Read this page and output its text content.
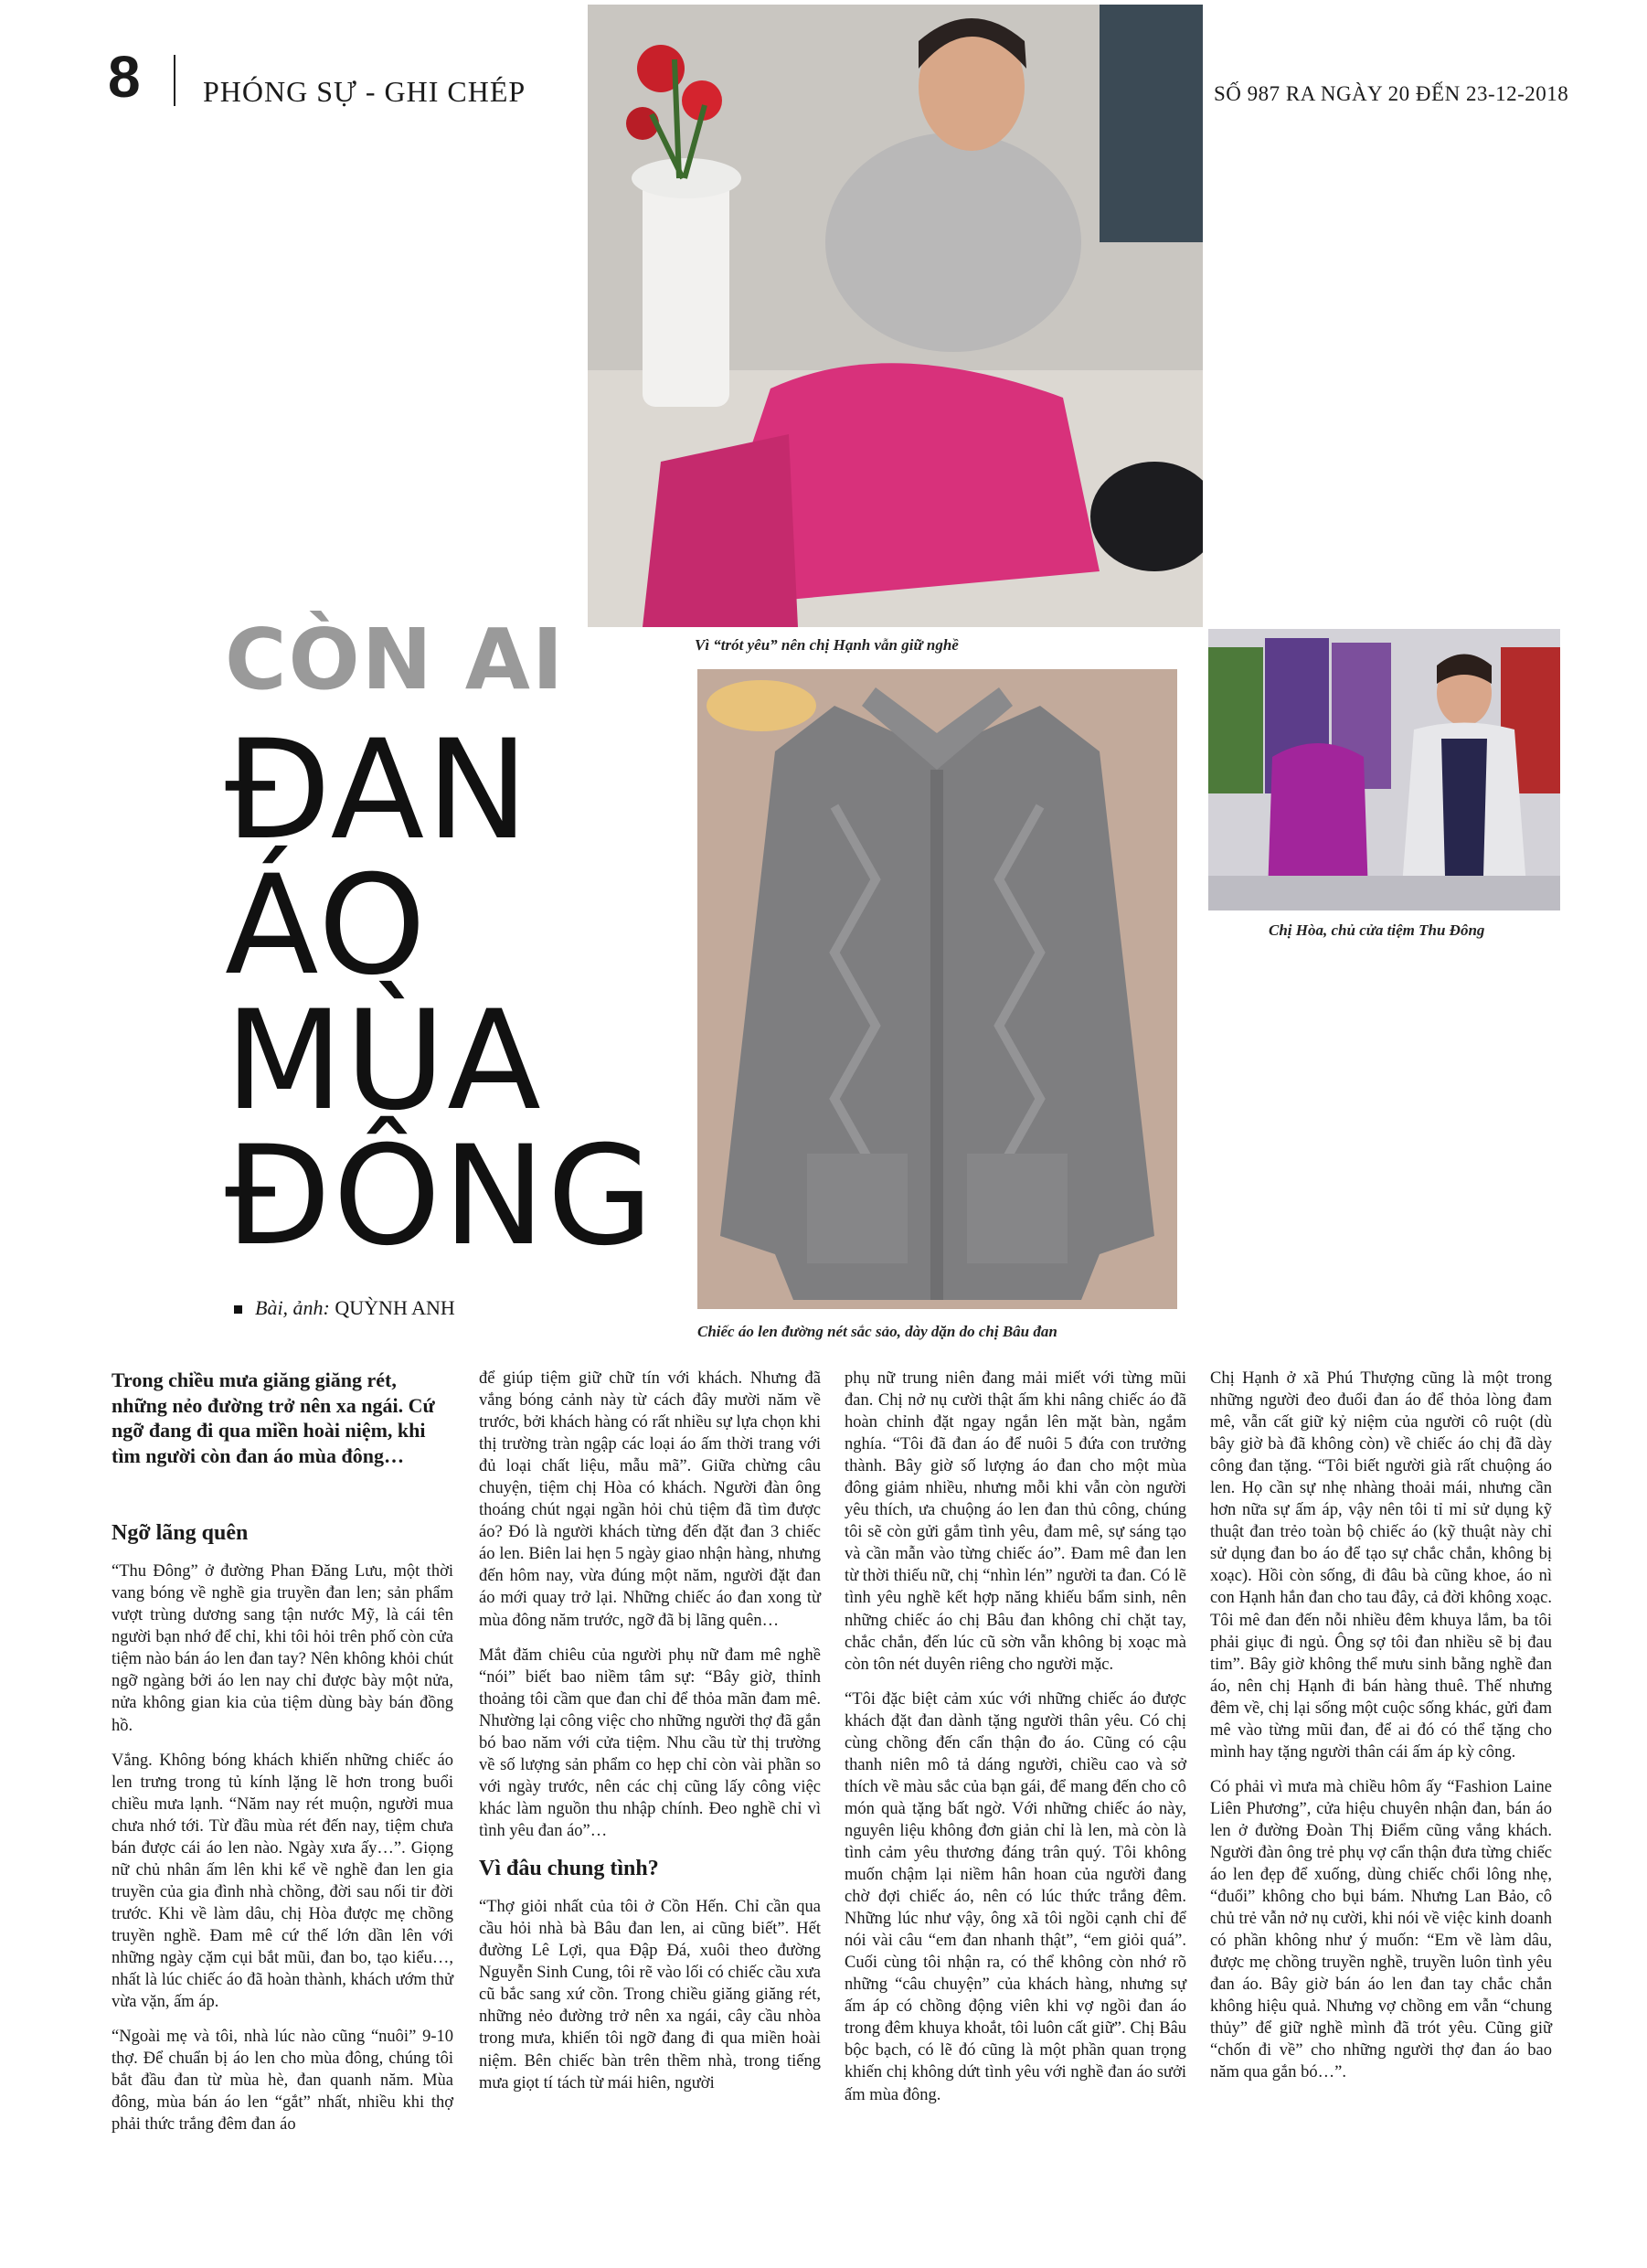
8 PHÓNG SỰ - GHI CHÉP	SỐ 987 RA NGÀY 20 ĐẾN 23-12-2018
Vì “trót yêu” nên chị Hạnh vẫn giữ nghề
Chiếc áo len đường nét sắc sảo, dày dặn do chị Bâu đan
Chị Hòa, chủ cửa tiệm Thu Đông
CÒN AI
ĐAN
ÁO
MÙA
ĐÔNG
Bài, ảnh: QUỲNH ANH

Trong chiều mưa giăng giăng rét, những nẻo đường trở nên xa ngái. Cứ ngỡ đang đi qua miền hoài niệm, khi tìm người còn đan áo mùa đông…

Ngỡ lãng quên

“Thu Đông” ở đường Phan Đăng Lưu, một thời vang bóng về nghề gia truyền đan len; sản phẩm vượt trùng dương sang tận nước Mỹ, là cái tên người bạn nhớ để chỉ, khi tôi hỏi trên phố còn cửa tiệm nào bán áo len đan tay? Nên không khỏi chút ngỡ ngàng bởi áo len nay chỉ được bày một nửa, nửa không gian kia của tiệm dùng bày bán đồng hồ.

Vắng. Không bóng khách khiến những chiếc áo len trưng trong tủ kính lặng lẽ hơn trong buổi chiều mưa lạnh. “Năm nay rét muộn, người mua chưa nhớ tới. Từ đầu mùa rét đến nay, tiệm chưa bán được cái áo len nào. Ngày xưa ấy…”. Giọng nữ chủ nhân ấm lên khi kể về nghề đan len gia truyền của gia đình nhà chồng, đời sau nối tir đời trước. Khi về làm dâu, chị Hòa được mẹ chồng truyền nghề. Đam mê cứ thế lớn dần lên với những ngày cặm cụi bắt mũi, đan bo, tạo kiểu…, nhất là lúc chiếc áo đã hoàn thành, khách ướm thử vừa vặn, ấm áp.

“Ngoài mẹ và tôi, nhà lúc nào cũng “nuôi” 9-10 thợ. Để chuẩn bị áo len cho mùa đông, chúng tôi bắt đầu đan từ mùa hè, đan quanh năm. Mùa đông, mùa bán áo len “gắt” nhất, nhiều khi thợ phải thức trắng đêm đan áo

để giúp tiệm giữ chữ tín với khách. Nhưng đã vắng bóng cảnh này từ cách đây mười năm về trước, bởi khách hàng có rất nhiều sự lựa chọn khi thị trường tràn ngập các loại áo ấm thời trang với đủ loại chất liệu, mẫu mã”. Giữa chừng câu chuyện, tiệm chị Hòa có khách. Người đàn ông thoáng chút ngại ngần hỏi chủ tiệm đã tìm được áo? Đó là người khách từng đến đặt đan 3 chiếc áo len. Biên lai hẹn 5 ngày giao nhận hàng, nhưng đến hôm nay, vừa đúng một năm, người đặt đan áo mới quay trở lại. Những chiếc áo đan xong từ mùa đông năm trước, ngỡ đã bị lãng quên…

Mắt đăm chiêu của người phụ nữ đam mê nghề “nói” biết bao niềm tâm sự: “Bây giờ, thỉnh thoảng tôi cầm que đan chỉ để thỏa mãn đam mê. Nhường lại công việc cho những người thợ đã gắn bó bao năm với cửa tiệm. Nhu cầu từ thị trường về số lượng sản phẩm co hẹp chỉ còn vài phần so với ngày trước, nên các chị cũng lấy công việc khác làm nguồn thu nhập chính. Đeo nghề chỉ vì tình yêu đan áo”…

Vì đâu chung tình?

“Thợ giỏi nhất của tôi ở Cồn Hến. Chỉ cần qua cầu hỏi nhà bà Bâu đan len, ai cũng biết”. Hết đường Lê Lợi, qua Đập Đá, xuôi theo đường Nguyễn Sinh Cung, tôi rẽ vào lối có chiếc cầu xưa cũ bắc sang xứ cồn. Trong chiều giăng giăng rét, những nẻo đường trở nên xa ngái, cây cầu nhòa trong mưa, khiến tôi ngỡ đang đi qua miền hoài niệm. Bên chiếc bàn trên thềm nhà, trong tiếng mưa giọt tí tách từ mái hiên, người

phụ nữ trung niên đang mải miết với từng mũi đan. Chị nở nụ cười thật ấm khi nâng chiếc áo đã hoàn chỉnh đặt ngay ngắn lên mặt bàn, ngắm nghía. “Tôi đã đan áo để nuôi 5 đứa con trưởng thành. Bây giờ số lượng áo đan cho một mùa đông giảm nhiều, nhưng mỗi khi vẫn còn người yêu thích, ưa chuộng áo len đan thủ công, chúng tôi sẽ còn gửi gắm tình yêu, đam mê, sự sáng tạo và cần mẫn vào từng chiếc áo”. Đam mê đan len từ thời thiếu nữ, chị “nhìn lén” người ta đan. Có lẽ tình yêu nghề kết hợp năng khiếu bẩm sinh, nên những chiếc áo chị Bâu đan không chỉ chặt tay, chắc chắn, đến lúc cũ sờn vẫn không bị xoạc mà còn tôn nét duyên riêng cho người mặc.

“Tôi đặc biệt cảm xúc với những chiếc áo được khách đặt đan dành tặng người thân yêu. Có chị cùng chồng đến cẩn thận đo áo. Cũng có cậu thanh niên mô tả dáng người, chiều cao và sở thích về màu sắc của bạn gái, để mang đến cho cô món quà tặng bất ngờ. Với những chiếc áo này, nguyên liệu không đơn giản chỉ là len, mà còn là tình cảm yêu thương đáng trân quý. Tôi không muốn chậm lại niềm hân hoan của người đang chờ đợi chiếc áo, nên có lúc thức trắng đêm. Những lúc như vậy, ông xã tôi ngồi cạnh chỉ để nói vài câu “em đan nhanh thật”, “em giỏi quá”. Cuối cùng tôi nhận ra, có thể không còn nhớ rõ những “câu chuyện” của khách hàng, nhưng sự ấm áp có chồng động viên khi vợ ngồi đan áo trong đêm khuya khoắt, tôi luôn cất giữ”. Chị Bâu bộc bạch, có lẽ đó cũng là một phần quan trọng khiến chị không dứt tình yêu với nghề đan áo sưởi ấm mùa đông.

Chị Hạnh ở xã Phú Thượng cũng là một trong những người đeo đuổi đan áo để thỏa lòng đam mê, vẫn cất giữ kỷ niệm của người cô ruột (dù bây giờ bà đã không còn) về chiếc áo chị đã dày công đan tặng. “Tôi biết người già rất chuộng áo len. Họ cần sự nhẹ nhàng thoải mái, nhưng cần hơn nữa sự ấm áp, vậy nên tôi tỉ mỉ sử dụng kỹ thuật đan trẻo toàn bộ chiếc áo (kỹ thuật này chỉ sử dụng đan bo áo để tạo sự chắc chắn, không bị xoạc). Hồi còn sống, đi đâu bà cũng khoe, áo nì con Hạnh hắn đan cho tau đây, cả đời không xoạc. Tôi mê đan đến nỗi nhiều đêm khuya lắm, ba tôi phải giục đi ngủ. Ông sợ tôi đan nhiều sẽ bị đau tim”. Bây giờ không thể mưu sinh bằng nghề đan áo, nên chị Hạnh đi bán hàng thuê. Thế nhưng đêm về, chị lại sống một cuộc sống khác, gửi đam mê vào từng mũi đan, để ai đó có thể tặng cho mình hay tặng người thân cái ấm áp kỳ công.

Có phải vì mưa mà chiều hôm ấy “Fashion Laine Liên Phương”, cửa hiệu chuyên nhận đan, bán áo len ở đường Đoàn Thị Điểm cũng vắng khách. Người đàn ông trẻ phụ vợ cẩn thận đưa từng chiếc áo len đẹp để xuống, dùng chiếc chổi lông nhẹ, “đuổi” không cho bụi bám. Nhưng Lan Bảo, cô chủ trẻ vẫn nở nụ cười, khi nói về việc kinh doanh có phần không như ý muốn: “Em về làm dâu, được mẹ chồng truyền nghề, truyền luôn tình yêu đan áo. Bây giờ bán áo len đan tay chắc chắn không hiệu quả. Nhưng vợ chồng em vẫn “chung thủy” để giữ nghề mình đã trót yêu. Cũng giữ “chốn đi về” cho những người thợ đan áo bao năm qua gắn bó…”.
